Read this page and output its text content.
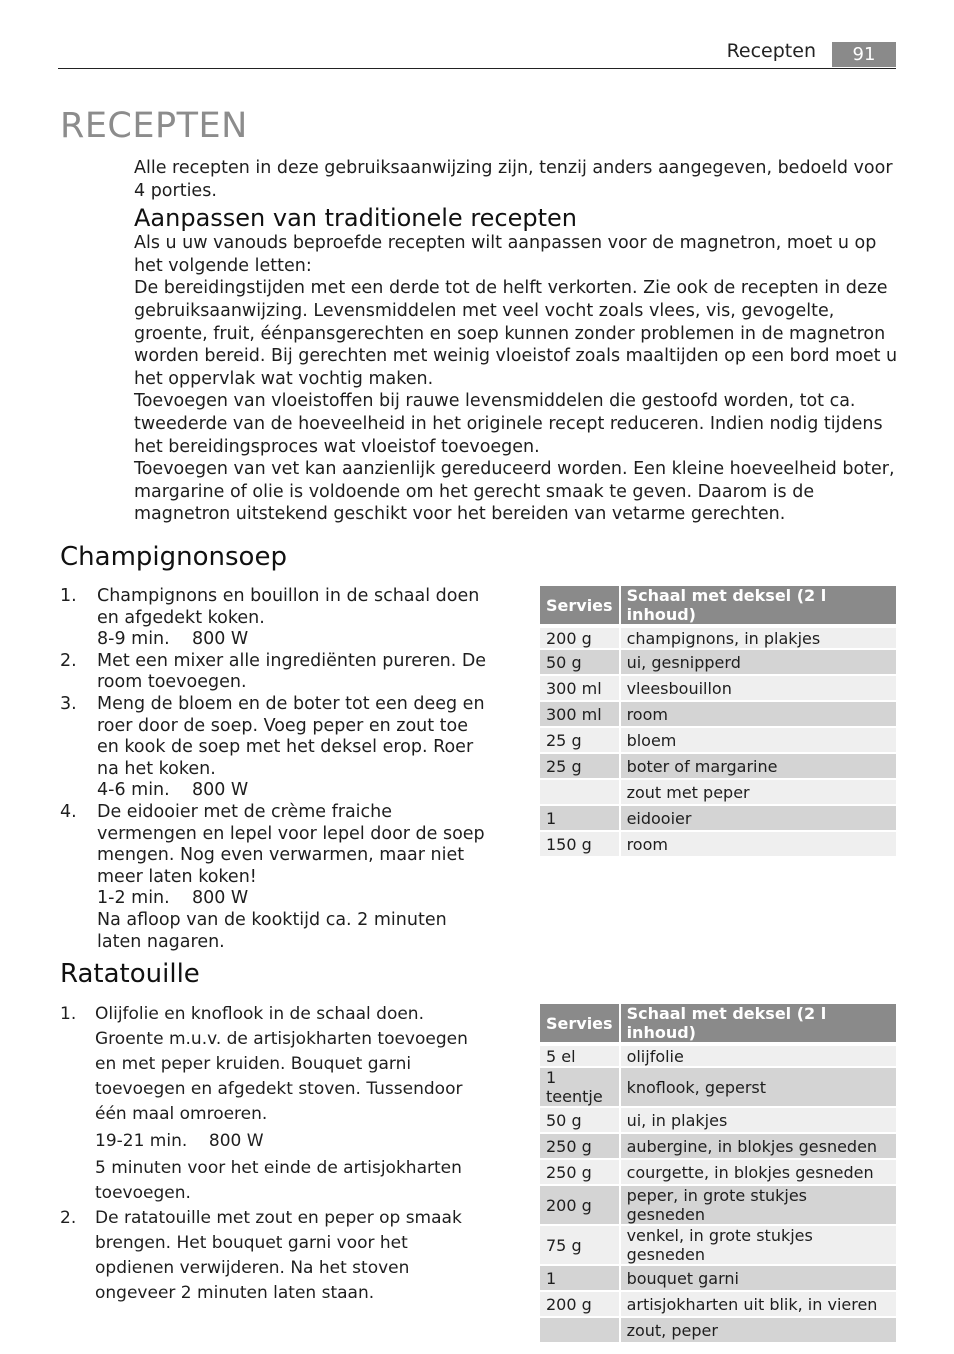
Recepten	91
RECEPTEN

Alle recepten in deze gebruiksaanwijzing zijn, tenzij anders aangegeven, bedoeld voor 4 porties.

Aanpassen van traditionele recepten

Als u uw vanouds beproefde recepten wilt aanpassen voor de magnetron, moet u op het volgende letten:

De bereidingstijden met een derde tot de helft verkorten. Zie ook de recepten in deze gebruiksaanwijzing. Levensmiddelen met veel vocht zoals vlees, vis, gevogelte, groente, fruit, éénpansgerechten en soep kunnen zonder problemen in de magnetron worden bereid. Bij gerechten met weinig vloeistof zoals maaltijden op een bord moet u het oppervlak wat vochtig maken.

Toevoegen van vloeistoffen bij rauwe levensmiddelen die gestoofd worden, tot ca. tweederde van de hoeveelheid in het originele recept reduceren. Indien nodig tijdens het bereidingsproces wat vloeistof toevoegen.

Toevoegen van vet kan aanzienlijk gereduceerd worden. Een kleine hoeveelheid boter, margarine of olie is voldoende om het gerecht smaak te geven. Daarom is de magnetron uitstekend geschikt voor het bereiden van vetarme gerechten.

Champignonsoep
1. Champignons en bouillon in de schaal doen en afgedekt koken.
8-9 min.    800 W
2. Met een mixer alle ingrediënten pureren. De room toevoegen.
3. Meng de bloem en de boter tot een deeg en roer door de soep. Voeg peper en zout toe en kook de soep met het deksel erop. Roer na het koken.
4-6 min.    800 W
4. De eidooier met de crème fraiche vermengen en lepel voor lepel door de soep mengen. Nog even verwarmen, maar niet meer laten koken!
1-2 min.    800 W
Na afloop van de kooktijd ca. 2 minuten laten nagaren.
Servies	Schaal met deksel (2 l inhoud)
200 g	champignons, in plakjes
50 g	ui, gesnipperd
300 ml	vleesbouillon
300 ml	room
25 g	bloem
25 g	boter of margarine
	zout met peper
1	eidooier
150 g	room
Ratatouille
1. Olijfolie en knoflook in de schaal doen. Groente m.u.v. de artisjokharten toevoegen en met peper kruiden. Bouquet garni toevoegen en afgedekt stoven. Tussendoor één maal omroeren.
19-21 min.    800 W
5 minuten voor het einde de artisjokharten toevoegen.
2. De ratatouille met zout en peper op smaak brengen. Het bouquet garni voor het opdienen verwijderen. Na het stoven ongeveer 2 minuten laten staan.
Servies	Schaal met deksel (2 l inhoud)
5 el	olijfolie
1 teentje	knoflook, geperst
50 g	ui, in plakjes
250 g	aubergine, in blokjes gesneden
250 g	courgette, in blokjes gesneden
200 g	peper, in grote stukjes gesneden
75 g	venkel, in grote stukjes gesneden
1	bouquet garni
200 g	artisjokharten uit blik, in vieren
	zout, peper
